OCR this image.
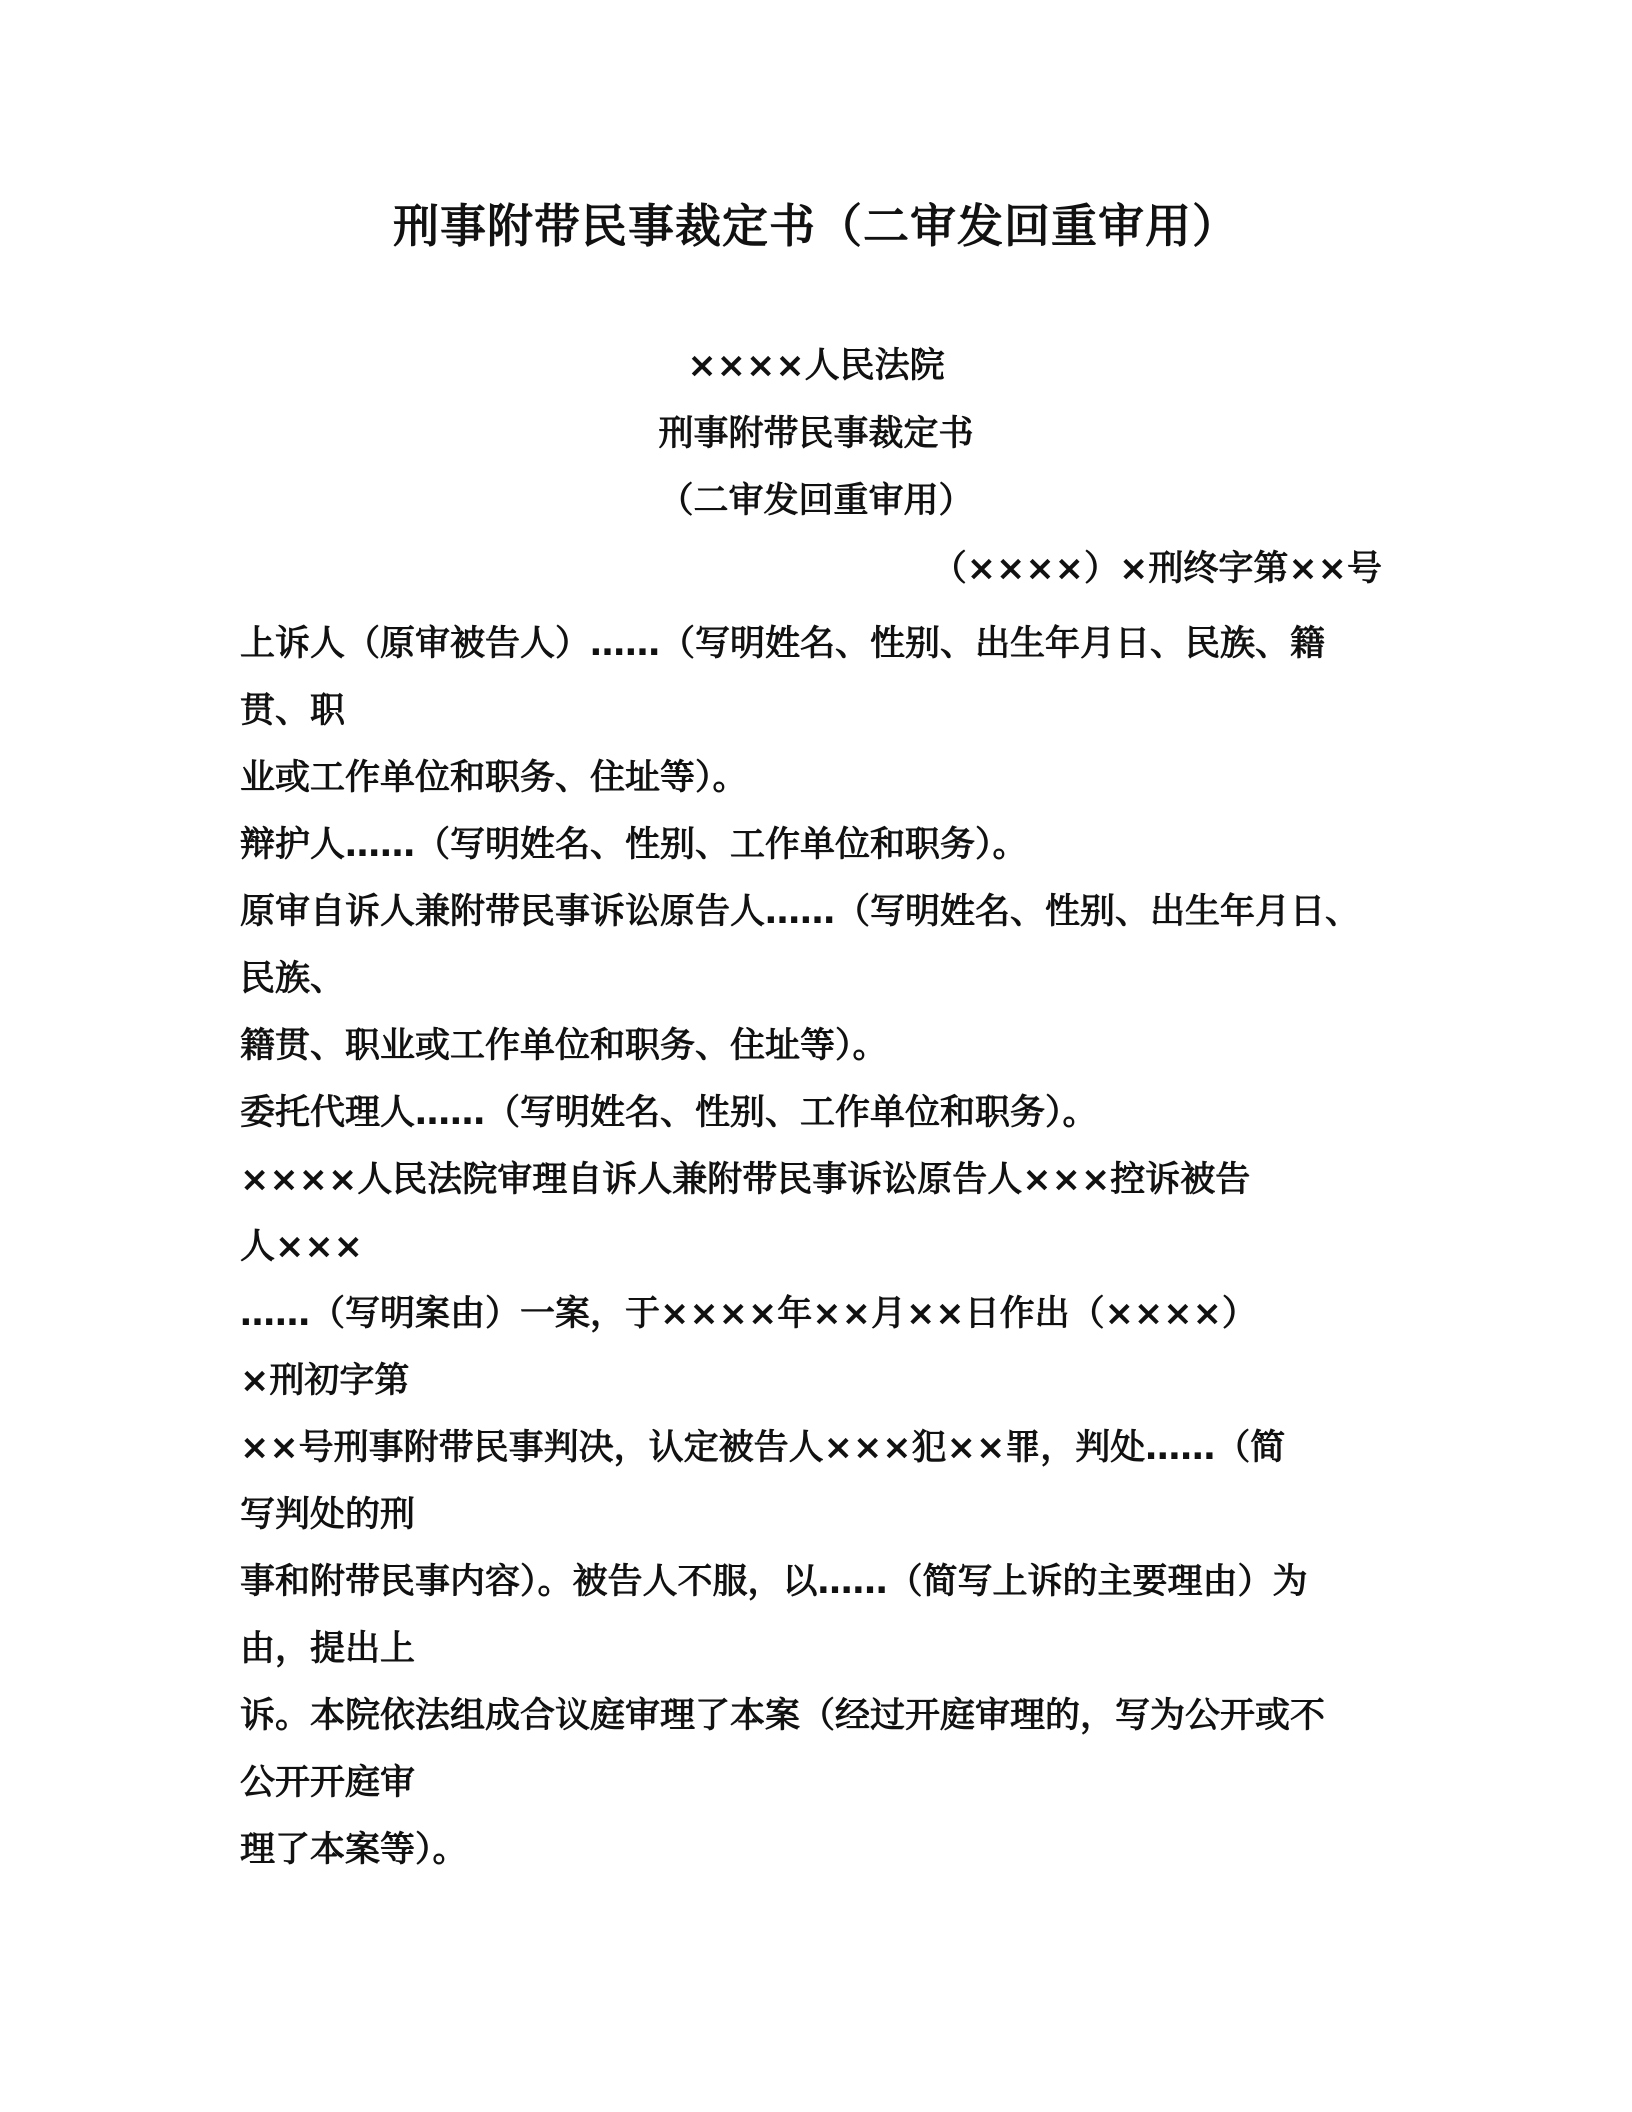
刑事附带民事裁定书（二审发回重审用）
××××人民法院
刑事附带民事裁定书
（二审发回重审用）
（××××）×刑终字第××号
上诉人（原审被告人）……（写明姓名、性别、出生年月日、民族、籍
贯、职
业或工作单位和职务、住址等）。
辩护人……（写明姓名、性别、工作单位和职务）。
原审自诉人兼附带民事诉讼原告人……（写明姓名、性别、出生年月日、
民族、
籍贯、职业或工作单位和职务、住址等）。
委托代理人……（写明姓名、性别、工作单位和职务）。
××××人民法院审理自诉人兼附带民事诉讼原告人×××控诉被告
人×××
……（写明案由）一案，于××××年××月××日作出（××××）
×刑初字第
××号刑事附带民事判决，认定被告人×××犯××罪，判处……（简
写判处的刑
事和附带民事内容）。被告人不服，以……（简写上诉的主要理由）为
由，提出上
诉。本院依法组成合议庭审理了本案（经过开庭审理的，写为公开或不
公开开庭审
理了本案等）。
